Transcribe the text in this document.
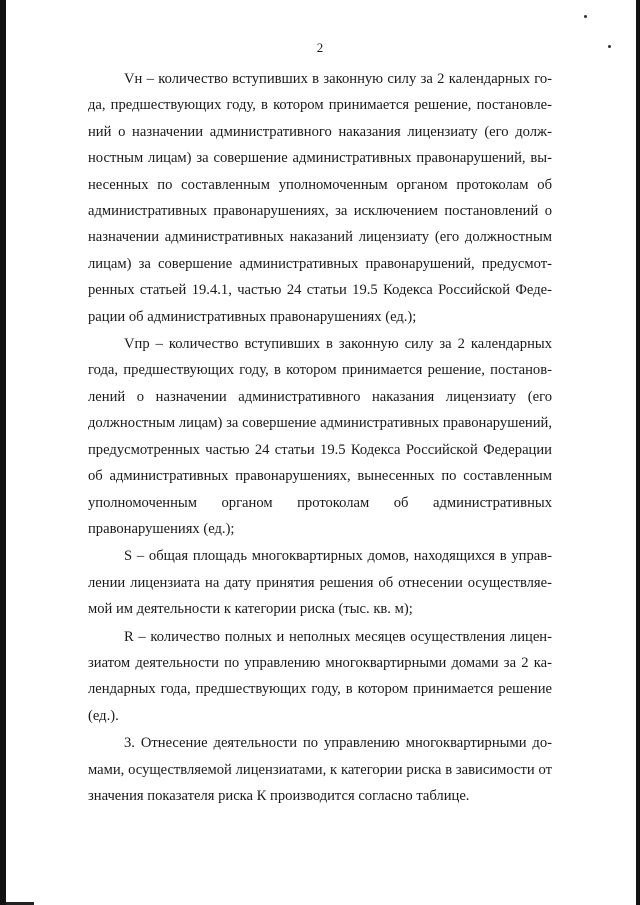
2

Vн – количество вступивших в законную силу за 2 календарных года, предшествующих году, в котором принимается решение, постановлений о назначении административного наказания лицензиату (его должностным лицам) за совершение административных правонарушений, вынесенных по составленным уполномоченным органом протоколам об административных правонарушениях, за исключением постановлений о назначении административных наказаний лицензиату (его должностным лицам) за совершение административных правонарушений, предусмотренных статьей 19.4.1, частью 24 статьи 19.5 Кодекса Российской Федерации об административных правонарушениях (ед.);

Vпр – количество вступивших в законную силу за 2 календарных года, предшествующих году, в котором принимается решение, постановлений о назначении административного наказания лицензиату (его должностным лицам) за совершение административных правонарушений, предусмотренных частью 24 статьи 19.5 Кодекса Российской Федерации об административных правонарушениях, вынесенных по составленным уполномоченным органом протоколам об административных правонарушениях (ед.);

S – общая площадь многоквартирных домов, находящихся в управлении лицензиата на дату принятия решения об отнесении осуществляемой им деятельности к категории риска (тыс. кв. м);

R – количество полных и неполных месяцев осуществления лицензиатом деятельности по управлению многоквартирными домами за 2 календарных года, предшествующих году, в котором принимается решение (ед.).

3. Отнесение деятельности по управлению многоквартирными домами, осуществляемой лицензиатами, к категории риска в зависимости от значения показателя риска К производится согласно таблице.
